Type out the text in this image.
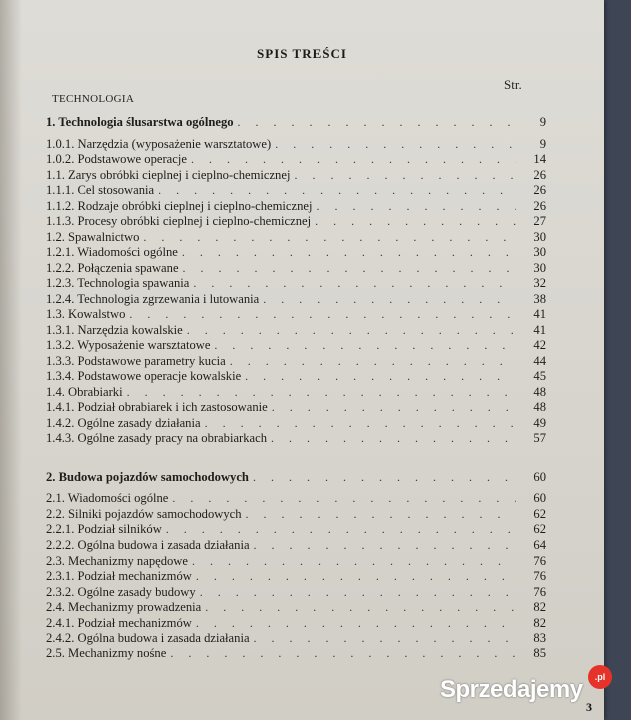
SPIS TREŚCI
Str.
TECHNOLOGIA
1. Technologia ślusarstwa ogólnego . . .	9
1.0.1. Narzędzia (wyposażenie warsztatowe) . . .	9
1.0.2. Podstawowe operacje . . .	14
1.1. Zarys obróbki cieplnej i cieplno-chemicznej . . .	26
1.1.1. Cel stosowania . . .	26
1.1.2. Rodzaje obróbki cieplnej i cieplno-chemicznej . . .	26
1.1.3. Procesy obróbki cieplnej i cieplno-chemicznej . . .	27
1.2. Spawalnictwo . . .	30
1.2.1. Wiadomości ogólne . . .	30
1.2.2. Połączenia spawane . . .	30
1.2.3. Technologia spawania . . .	32
1.2.4. Technologia zgrzewania i lutowania . . .	38
1.3. Kowalstwo . . .	41
1.3.1. Narzędzia kowalskie . . .	41
1.3.2. Wyposażenie warsztatowe . . .	42
1.3.3. Podstawowe parametry kucia . . .	44
1.3.4. Podstawowe operacje kowalskie . . .	45
1.4. Obrabiarki . . .	48
1.4.1. Podział obrabiarek i ich zastosowanie . . .	48
1.4.2. Ogólne zasady działania . . .	49
1.4.3. Ogólne zasady pracy na obrabiarkach . . .	57
2. Budowa pojazdów samochodowych . . .	60
2.1. Wiadomości ogólne . . .	60
2.2. Silniki pojazdów samochodowych . . .	62
2.2.1. Podział silników . . .	62
2.2.2. Ogólna budowa i zasada działania . . .	64
2.3. Mechanizmy napędowe . . .	76
2.3.1. Podział mechanizmów . . .	76
2.3.2. Ogólne zasady budowy . . .	76
2.4. Mechanizmy prowadzenia . . .	82
2.4.1. Podział mechanizmów . . .	82
2.4.2. Ogólna budowa i zasada działania . . .	83
2.5. Mechanizmy nośne . . .	85
3
Sprzedajemy	.pl
